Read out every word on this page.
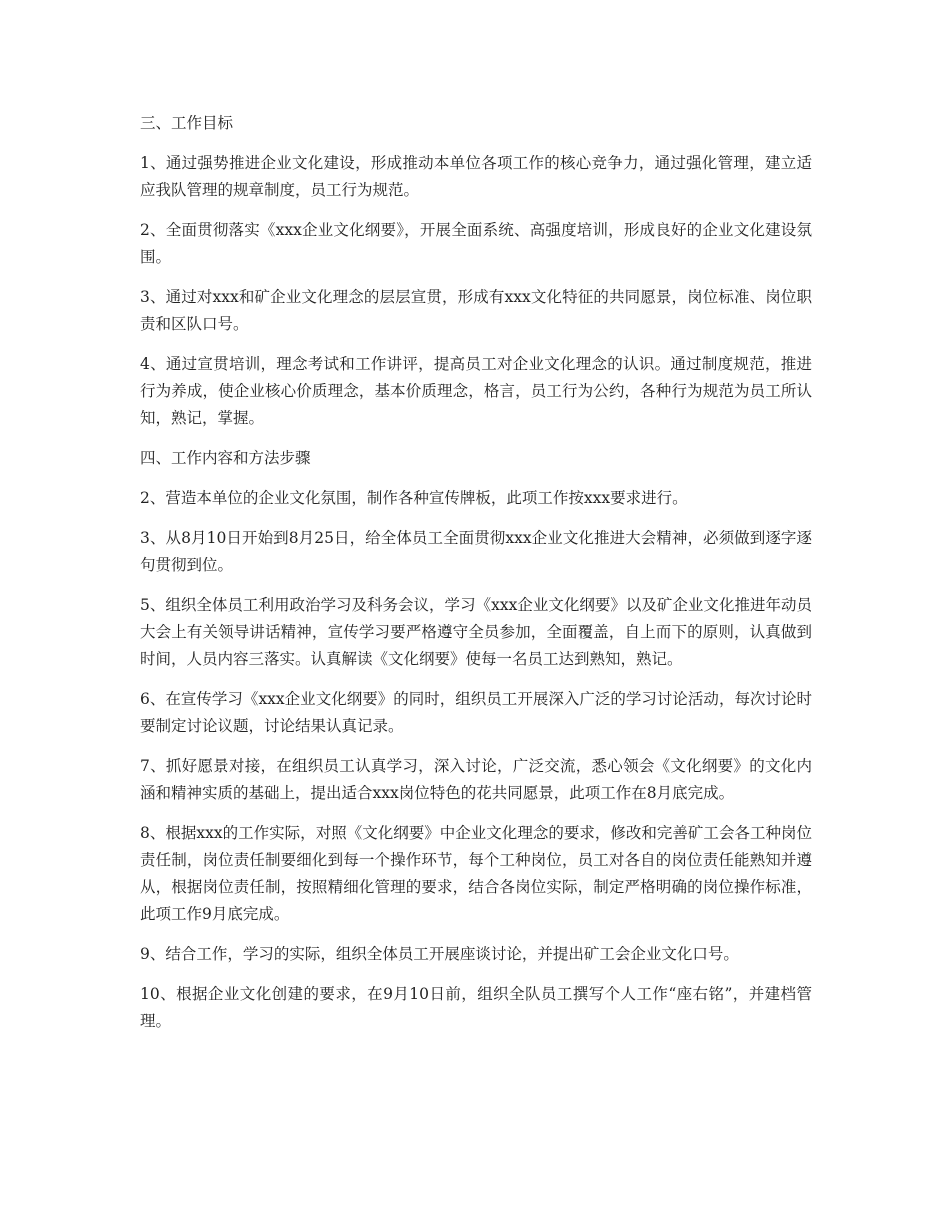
三、工作目标

1、通过强势推进企业文化建设，形成推动本单位各项工作的核心竞争力，通过强化管理，建立适应我队管理的规章制度，员工行为规范。

2、全面贯彻落实《xxx企业文化纲要》，开展全面系统、高强度培训，形成良好的企业文化建设氛围。

3、通过对xxx和矿企业文化理念的层层宣贯，形成有xxx文化特征的共同愿景，岗位标准、岗位职责和区队口号。

4、通过宣贯培训，理念考试和工作讲评，提高员工对企业文化理念的认识。通过制度规范，推进行为养成，使企业核心价质理念，基本价质理念，格言，员工行为公约，各种行为规范为员工所认知，熟记，掌握。

四、工作内容和方法步骤

2、营造本单位的企业文化氛围，制作各种宣传牌板，此项工作按xxx要求进行。

3、从8月10日开始到8月25日，给全体员工全面贯彻xxx企业文化推进大会精神，必须做到逐字逐句贯彻到位。

5、组织全体员工利用政治学习及科务会议，学习《xxx企业文化纲要》以及矿企业文化推进年动员大会上有关领导讲话精神，宣传学习要严格遵守全员参加，全面覆盖，自上而下的原则，认真做到时间，人员内容三落实。认真解读《文化纲要》使每一名员工达到熟知，熟记。

6、在宣传学习《xxx企业文化纲要》的同时，组织员工开展深入广泛的学习讨论活动，每次讨论时要制定讨论议题，讨论结果认真记录。

7、抓好愿景对接，在组织员工认真学习，深入讨论，广泛交流，悉心领会《文化纲要》的文化内涵和精神实质的基础上，提出适合xxx岗位特色的花共同愿景，此项工作在8月底完成。

8、根据xxx的工作实际，对照《文化纲要》中企业文化理念的要求，修改和完善矿工会各工种岗位责任制，岗位责任制要细化到每一个操作环节，每个工种岗位，员工对各自的岗位责任能熟知并遵从，根据岗位责任制，按照精细化管理的要求，结合各岗位实际，制定严格明确的岗位操作标准，此项工作9月底完成。

9、结合工作，学习的实际，组织全体员工开展座谈讨论，并提出矿工会企业文化口号。

10、根据企业文化创建的要求，在9月10日前，组织全队员工撰写个人工作“座右铭”，并建档管理。
